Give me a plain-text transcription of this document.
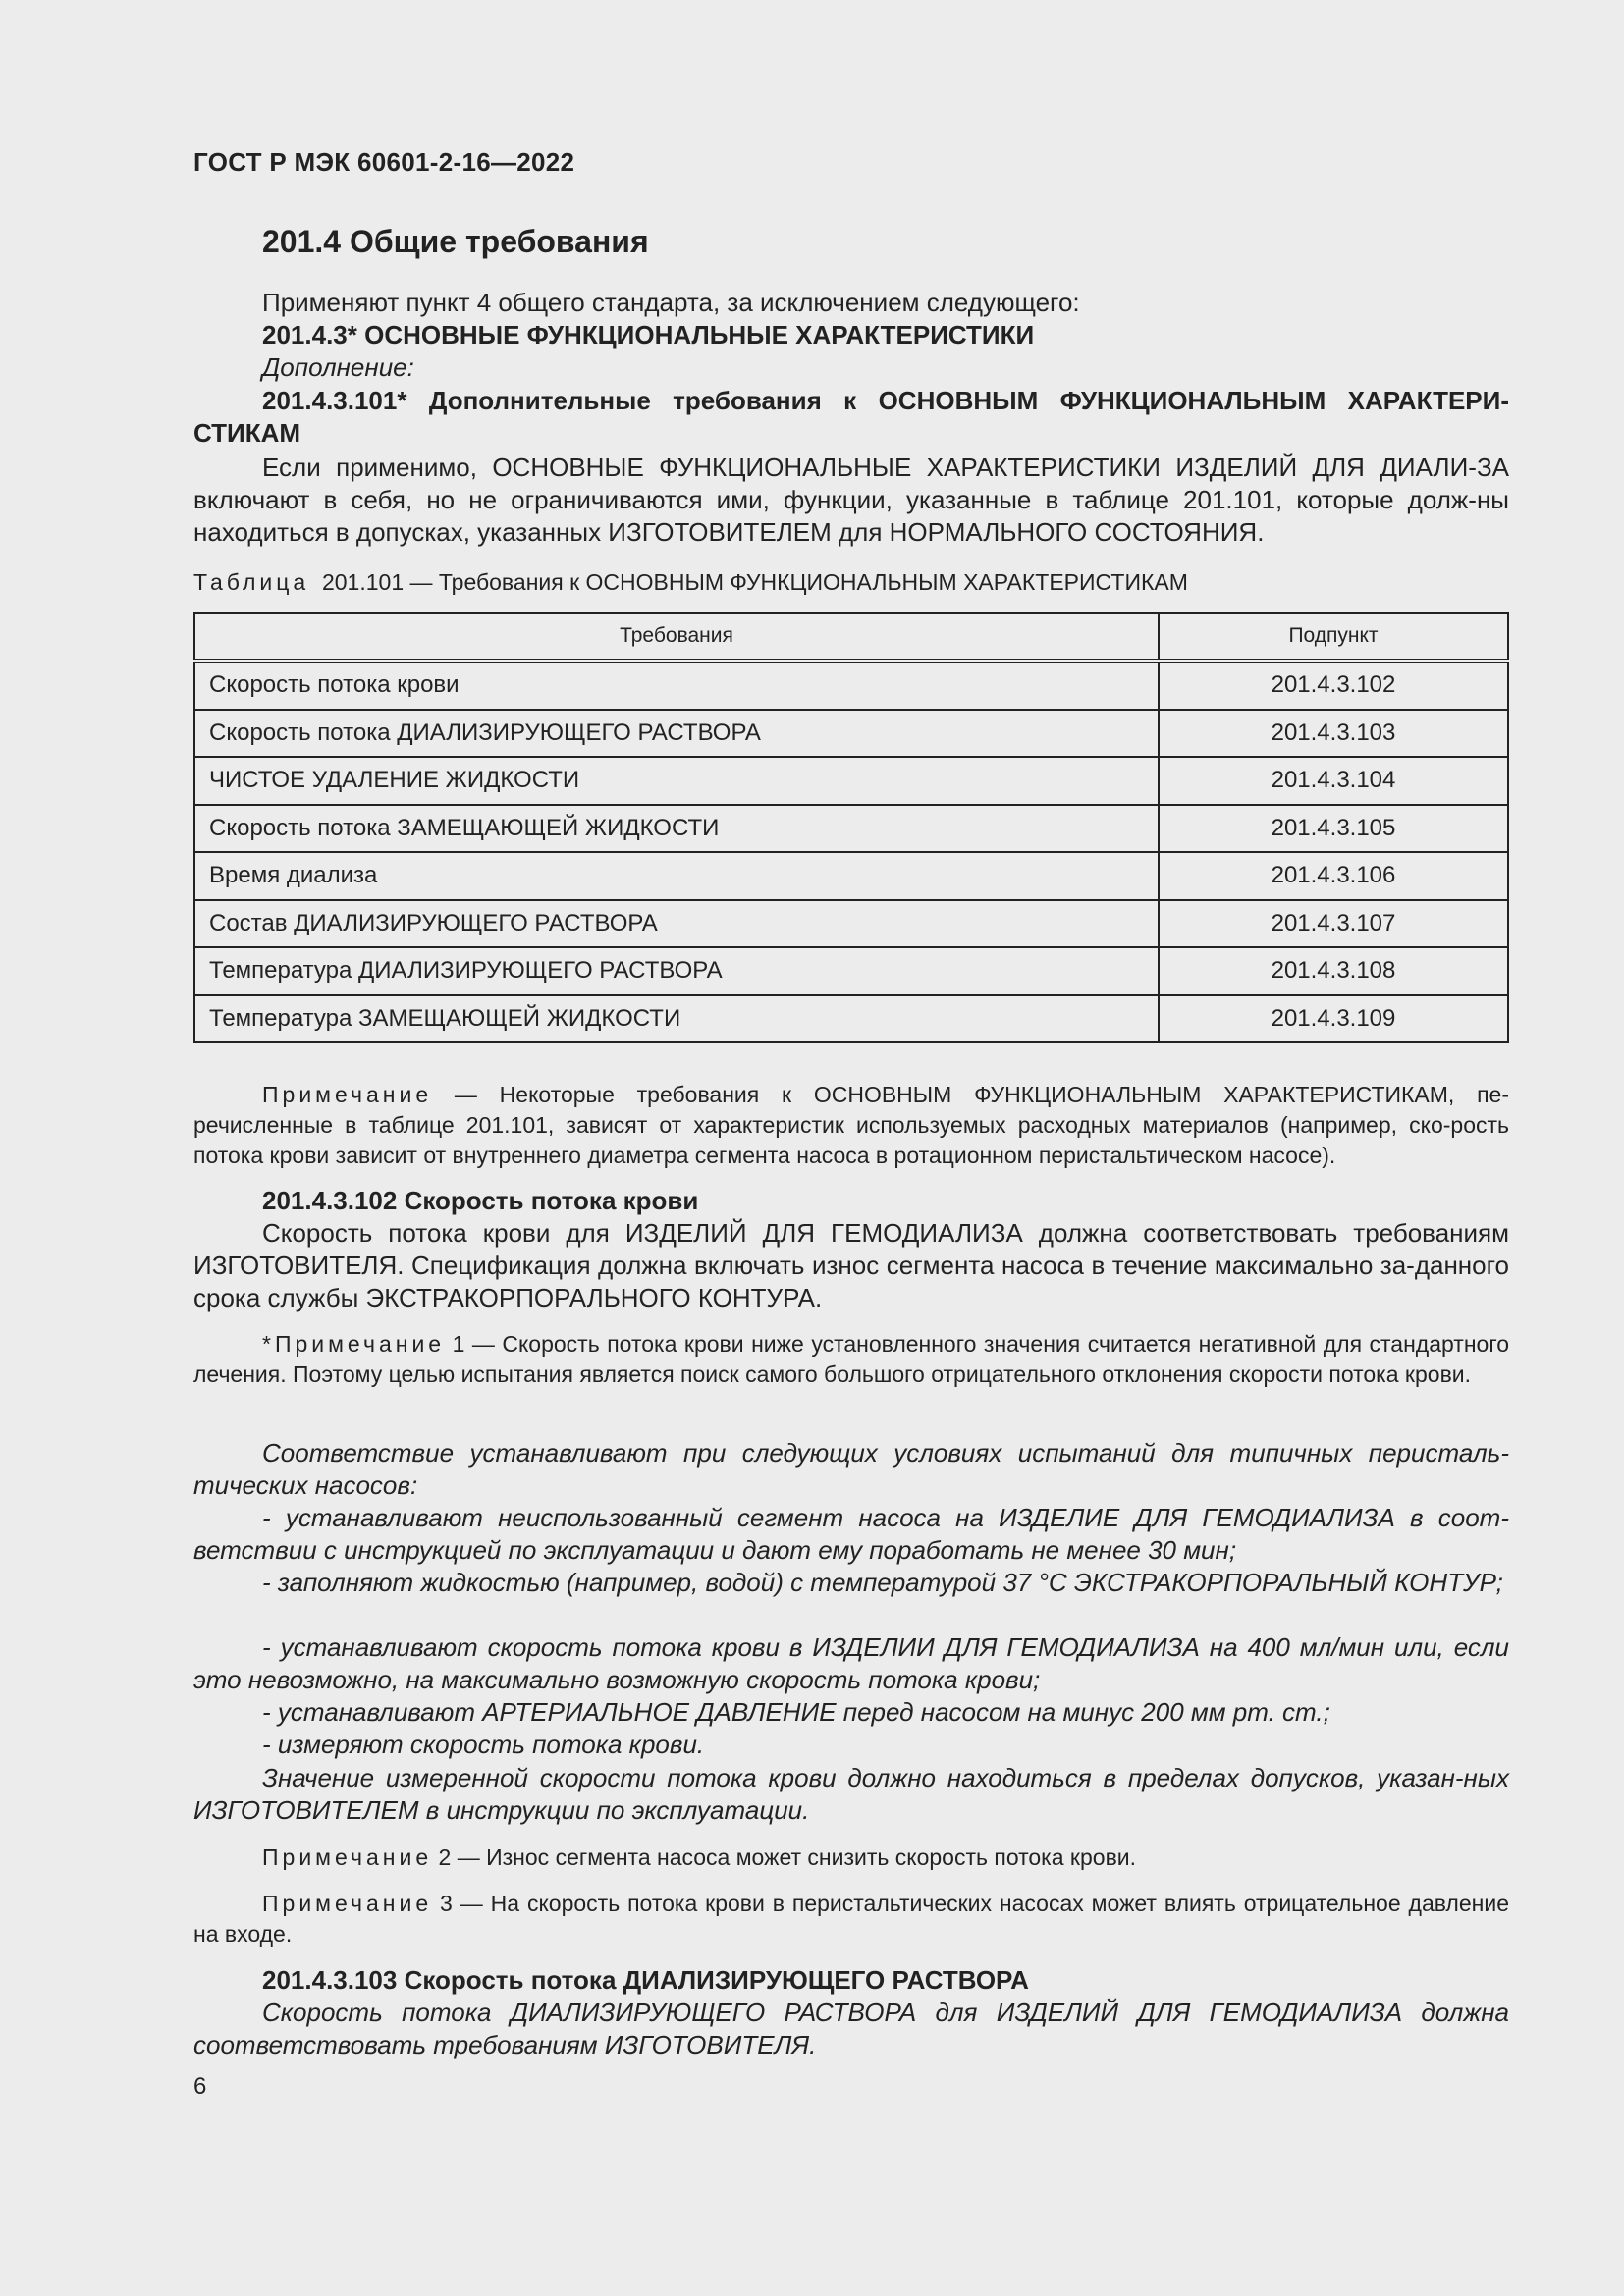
ГОСТ Р МЭК 60601-2-16—2022
201.4 Общие требования
Применяют пункт 4 общего стандарта, за исключением следующего:
201.4.3* ОСНОВНЫЕ ФУНКЦИОНАЛЬНЫЕ ХАРАКТЕРИСТИКИ
Дополнение:
201.4.3.101* Дополнительные требования к ОСНОВНЫМ ФУНКЦИОНАЛЬНЫМ ХАРАКТЕРИ-СТИКАМ
Если применимо, ОСНОВНЫЕ ФУНКЦИОНАЛЬНЫЕ ХАРАКТЕРИСТИКИ ИЗДЕЛИЙ ДЛЯ ДИАЛИ-ЗА включают в себя, но не ограничиваются ими, функции, указанные в таблице 201.101, которые долж-ны находиться в допусках, указанных ИЗГОТОВИТЕЛЕМ для НОРМАЛЬНОГО СОСТОЯНИЯ.
Таблица 201.101 — Требования к ОСНОВНЫМ ФУНКЦИОНАЛЬНЫМ ХАРАКТЕРИСТИКАМ
Требования	Подпункт
Скорость потока крови	201.4.3.102
Скорость потока ДИАЛИЗИРУЮЩЕГО РАСТВОРА	201.4.3.103
ЧИСТОЕ УДАЛЕНИЕ ЖИДКОСТИ	201.4.3.104
Скорость потока ЗАМЕЩАЮЩЕЙ ЖИДКОСТИ	201.4.3.105
Время диализа	201.4.3.106
Состав ДИАЛИЗИРУЮЩЕГО РАСТВОРА	201.4.3.107
Температура ДИАЛИЗИРУЮЩЕГО РАСТВОРА	201.4.3.108
Температура ЗАМЕЩАЮЩЕЙ ЖИДКОСТИ	201.4.3.109
Примечание — Некоторые требования к ОСНОВНЫМ ФУНКЦИОНАЛЬНЫМ ХАРАКТЕРИСТИКАМ, пе-речисленные в таблице 201.101, зависят от характеристик используемых расходных материалов (например, ско-рость потока крови зависит от внутреннего диаметра сегмента насоса в ротационном перистальтическом насосе).
201.4.3.102 Скорость потока крови
Скорость потока крови для ИЗДЕЛИЙ ДЛЯ ГЕМОДИАЛИЗА должна соответствовать требованиям ИЗГОТОВИТЕЛЯ. Спецификация должна включать износ сегмента насоса в течение максимально за-данного срока службы ЭКСТРАКОРПОРАЛЬНОГО КОНТУРА.
*Примечание 1 — Скорость потока крови ниже установленного значения считается негативной для стандартного лечения. Поэтому целью испытания является поиск самого большого отрицательного отклонения скорости потока крови.
Соответствие устанавливают при следующих условиях испытаний для типичных перисталь-тических насосов:
- устанавливают неиспользованный сегмент насоса на ИЗДЕЛИЕ ДЛЯ ГЕМОДИАЛИЗА в соот-ветствии с инструкцией по эксплуатации и дают ему поработать не менее 30 мин;
- заполняют жидкостью (например, водой) с температурой 37 °С ЭКСТРАКОРПОРАЛЬНЫЙ КОНТУР;
- устанавливают скорость потока крови в ИЗДЕЛИИ ДЛЯ ГЕМОДИАЛИЗА на 400 мл/мин или, если это невозможно, на максимально возможную скорость потока крови;
- устанавливают АРТЕРИАЛЬНОЕ ДАВЛЕНИЕ перед насосом на минус 200 мм рт. ст.;
- измеряют скорость потока крови.
Значение измеренной скорости потока крови должно находиться в пределах допусков, указан-ных ИЗГОТОВИТЕЛЕМ в инструкции по эксплуатации.
Примечание 2 — Износ сегмента насоса может снизить скорость потока крови.
Примечание 3 — На скорость потока крови в перистальтических насосах может влиять отрицательное давление на входе.
201.4.3.103 Скорость потока ДИАЛИЗИРУЮЩЕГО РАСТВОРА
Скорость потока ДИАЛИЗИРУЮЩЕГО РАСТВОРА для ИЗДЕЛИЙ ДЛЯ ГЕМОДИАЛИЗА должна соответствовать требованиям ИЗГОТОВИТЕЛЯ.
6
